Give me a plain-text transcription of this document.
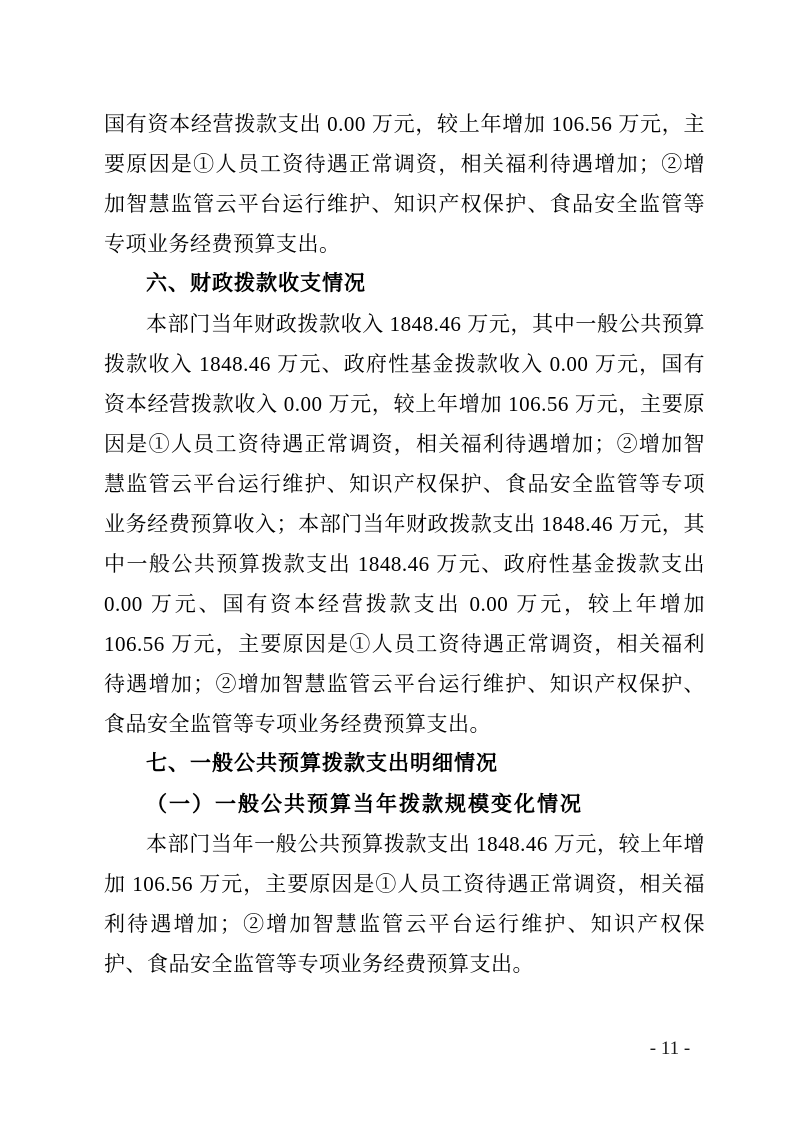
国有资本经营拨款支出 0.00 万元，较上年增加 106.56 万元，主要原因是①人员工资待遇正常调资，相关福利待遇增加；②增加智慧监管云平台运行维护、知识产权保护、食品安全监管等专项业务经费预算支出。

六、财政拨款收支情况

本部门当年财政拨款收入 1848.46 万元，其中一般公共预算拨款收入 1848.46 万元、政府性基金拨款收入 0.00 万元，国有资本经营拨款收入 0.00 万元，较上年增加 106.56 万元，主要原因是①人员工资待遇正常调资，相关福利待遇增加；②增加智慧监管云平台运行维护、知识产权保护、食品安全监管等专项业务经费预算收入；本部门当年财政拨款支出 1848.46 万元，其中一般公共预算拨款支出 1848.46 万元、政府性基金拨款支出 0.00 万元、国有资本经营拨款支出 0.00 万元，较上年增加 106.56 万元，主要原因是①人员工资待遇正常调资，相关福利待遇增加；②增加智慧监管云平台运行维护、知识产权保护、食品安全监管等专项业务经费预算支出。

七、一般公共预算拨款支出明细情况

（一）一般公共预算当年拨款规模变化情况

本部门当年一般公共预算拨款支出 1848.46 万元，较上年增加 106.56 万元，主要原因是①人员工资待遇正常调资，相关福利待遇增加；②增加智慧监管云平台运行维护、知识产权保护、食品安全监管等专项业务经费预算支出。

- 11 -
